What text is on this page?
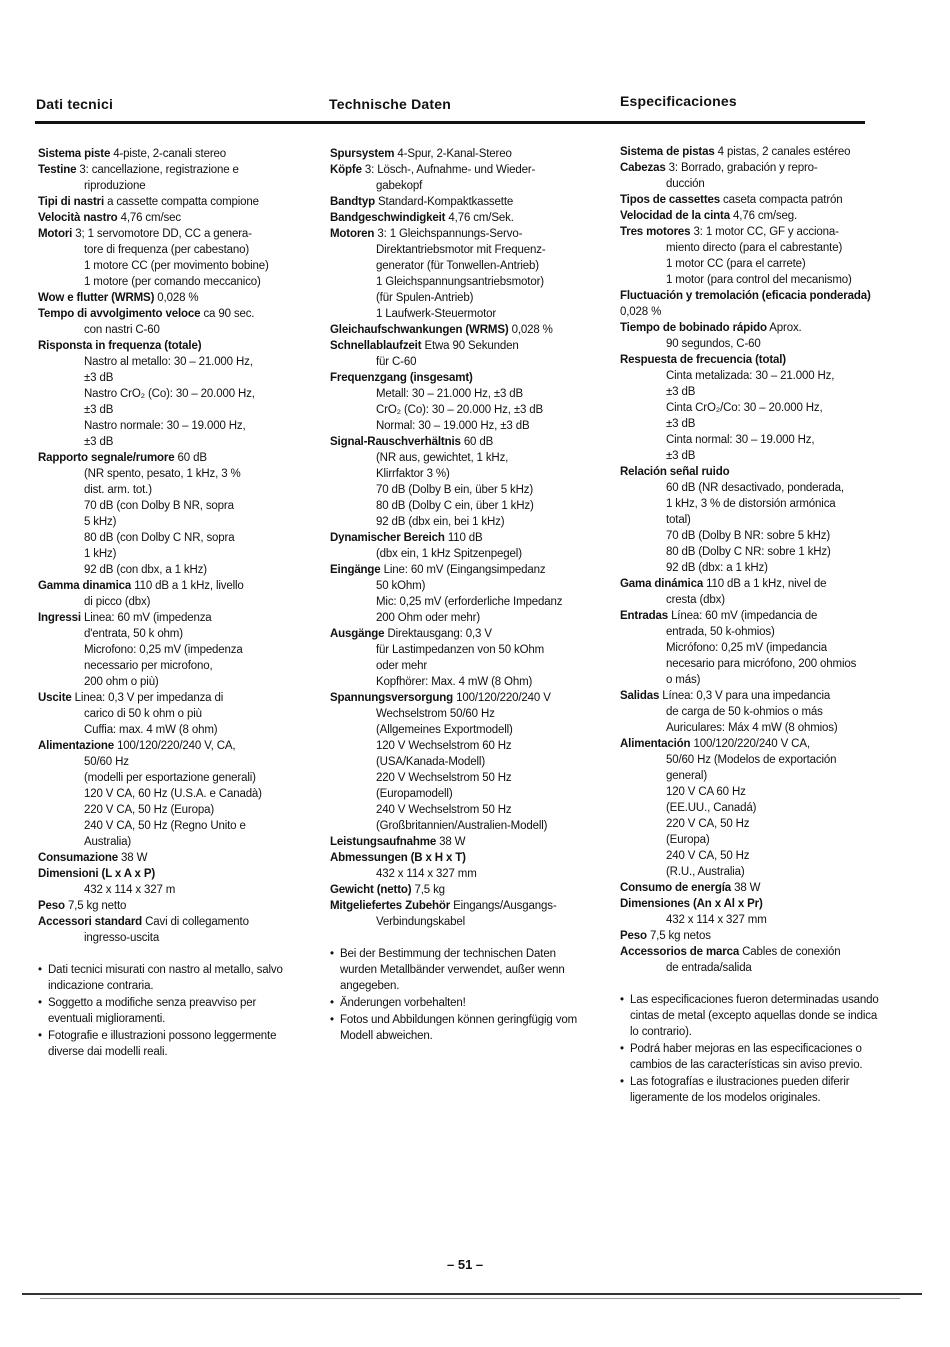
Dati tecnici	Technische Daten	Especificaciones
Sistema piste 4-piste, 2-canali stereo
Testine 3: cancellazione, registrazione e
riproduzione
Tipi di nastri a cassette compatta compione
Velocità nastro 4,76 cm/sec
Motori 3; 1 servomotore DD, CC a genera-
tore di frequenza (per cabestano)
1 motore CC (per movimento bobine)
1 motore (per comando meccanico)
Wow e flutter (WRMS) 0,028 %
Tempo di avvolgimento veloce ca 90 sec.
con nastri C-60
Risponsta in frequenza (totale)
Nastro al metallo: 30 – 21.000 Hz,
±3 dB
Nastro CrO₂ (Co): 30 – 20.000 Hz,
±3 dB
Nastro normale: 30 – 19.000 Hz,
±3 dB
Rapporto segnale/rumore 60 dB
(NR spento, pesato, 1 kHz, 3 %
dist. arm. tot.)
70 dB (con Dolby B NR, sopra
5 kHz)
80 dB (con Dolby C NR, sopra
1 kHz)
92 dB (con dbx, a 1 kHz)
Gamma dinamica 110 dB a 1 kHz, livello
di picco (dbx)
Ingressi Linea: 60 mV (impedenza
d'entrata, 50 k ohm)
Microfono: 0,25 mV (impedenza
necessario per microfono,
200 ohm o più)
Uscite Linea: 0,3 V per impedanza di
carico di 50 k ohm o più
Cuffia: max. 4 mW (8 ohm)
Alimentazione 100/120/220/240 V, CA,
50/60 Hz
(modelli per esportazione generali)
120 V CA, 60 Hz (U.S.A. e Canadà)
220 V CA, 50 Hz (Europa)
240 V CA, 50 Hz (Regno Unito e
Australia)
Consumazione 38 W
Dimensioni (L x A x P)
432 x 114 x 327 m
Peso 7,5 kg netto
Accessori standard Cavi di collegamento
ingresso-uscita
• Dati tecnici misurati con nastro al metallo, salvo indicazione contraria.
• Soggetto a modifiche senza preavviso per eventuali miglioramenti.
• Fotografie e illustrazioni possono leggermente diverse dai modelli reali.
Spursystem 4-Spur, 2-Kanal-Stereo
Köpfe 3: Lösch-, Aufnahme- und Wieder-
gabekopf
Bandtyp Standard-Kompaktkassette
Bandgeschwindigkeit 4,76 cm/Sek.
Motoren 3: 1 Gleichspannungs-Servo-
Direktantriebsmotor mit Frequenz-
generator (für Tonwellen-Antrieb)
1 Gleichspannungsantriebsmotor)
(für Spulen-Antrieb)
1 Laufwerk-Steuermotor
Gleichaufschwankungen (WRMS) 0,028 %
Schnellablaufzeit Etwa 90 Sekunden
für C-60
Frequenzgang (insgesamt)
Metall: 30 – 21.000 Hz, ±3 dB
CrO₂ (Co): 30 – 20.000 Hz, ±3 dB
Normal: 30 – 19.000 Hz, ±3 dB
Signal-Rauschverhältnis 60 dB
(NR aus, gewichtet, 1 kHz,
Klirrfaktor 3 %)
70 dB (Dolby B ein, über 5 kHz)
80 dB (Dolby C ein, über 1 kHz)
92 dB (dbx ein, bei 1 kHz)
Dynamischer Bereich 110 dB
(dbx ein, 1 kHz Spitzenpegel)
Eingänge Line: 60 mV (Eingangsimpedanz
50 kOhm)
Mic: 0,25 mV (erforderliche Impedanz
200 Ohm oder mehr)
Ausgänge Direktausgang: 0,3 V
für Lastimpedanzen von 50 kOhm
oder mehr
Kopfhörer: Max. 4 mW (8 Ohm)
Spannungsversorgung 100/120/220/240 V
Wechselstrom 50/60 Hz
(Allgemeines Exportmodell)
120 V Wechselstrom 60 Hz
(USA/Kanada-Modell)
220 V Wechselstrom 50 Hz
(Europamodell)
240 V Wechselstrom 50 Hz
(Großbritannien/Australien-Modell)
Leistungsaufnahme 38 W
Abmessungen (B x H x T)
432 x 114 x 327 mm
Gewicht (netto) 7,5 kg
Mitgeliefertes Zubehör Eingangs/Ausgangs-
Verbindungskabel
• Bei der Bestimmung der technischen Daten wurden Metallbänder verwendet, außer wenn angegeben.
• Änderungen vorbehalten!
• Fotos und Abbildungen können geringfügig vom Modell abweichen.
Sistema de pistas 4 pistas, 2 canales estéreo
Cabezas 3: Borrado, grabación y repro-
ducción
Tipos de cassettes caseta compacta patrón
Velocidad de la cinta 4,76 cm/seg.
Tres motores 3: 1 motor CC, GF y acciona-
miento directo (para el cabrestante)
1 motor CC (para el carrete)
1 motor (para control del mecanismo)
Fluctuación y tremolación (eficacia ponderada) 0,028 %
Tiempo de bobinado rápido Aprox.
90 segundos, C-60
Respuesta de frecuencia (total)
Cinta metalizada: 30 – 21.000 Hz,
±3 dB
Cinta CrO₂/Co: 30 – 20.000 Hz,
±3 dB
Cinta normal: 30 – 19.000 Hz,
±3 dB
Relación señal ruido
60 dB (NR desactivado, ponderada,
1 kHz, 3 % de distorsión armónica
total)
70 dB (Dolby B NR: sobre 5 kHz)
80 dB (Dolby C NR: sobre 1 kHz)
92 dB (dbx: a 1 kHz)
Gama dinámica 110 dB a 1 kHz, nivel de
cresta (dbx)
Entradas Línea: 60 mV (impedancia de
entrada, 50 k-ohmios)
Micrófono: 0,25 mV (impedancia
necesario para micrófono, 200 ohmios
o más)
Salidas Línea: 0,3 V para una impedancia
de carga de 50 k-ohmios o más
Auriculares: Máx 4 mW (8 ohmios)
Alimentación 100/120/220/240 V CA,
50/60 Hz (Modelos de exportación
general)
120 V CA 60 Hz
(EE.UU., Canadá)
220 V CA, 50 Hz
(Europa)
240 V CA, 50 Hz
(R.U., Australia)
Consumo de energía 38 W
Dimensiones (An x Al x Pr)
432 x 114 x 327 mm
Peso 7,5 kg netos
Accessorios de marca Cables de conexión
de entrada/salida
• Las especificaciones fueron determinadas usando cintas de metal (excepto aquellas donde se indica lo contrario).
• Podrá haber mejoras en las especificaciones o cambios de las características sin aviso previo.
• Las fotografías e ilustraciones pueden diferir ligeramente de los modelos originales.
– 51 –
